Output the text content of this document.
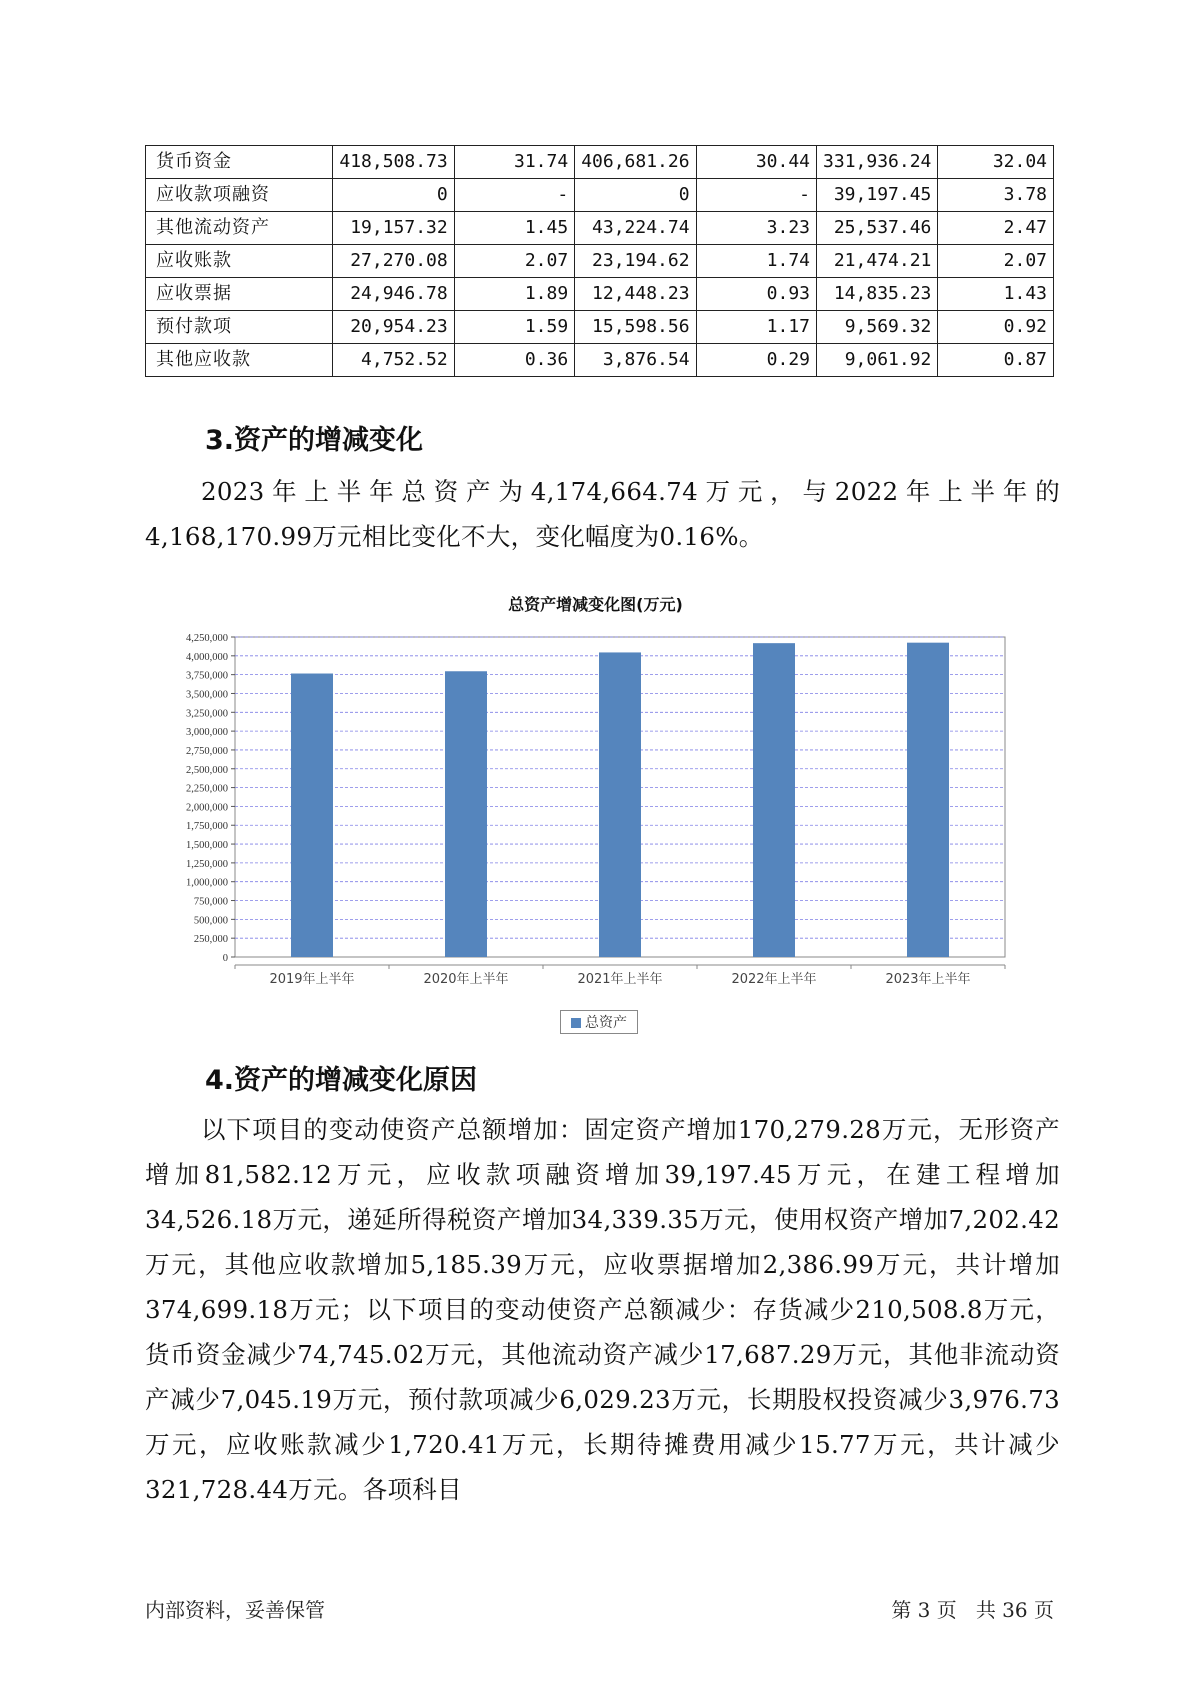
货币资金	418,508.73	31.74	406,681.26	30.44	331,936.24	32.04
应收款项融资	0	-	0	-	39,197.45	3.78
其他流动资产	19,157.32	1.45	43,224.74	3.23	25,537.46	2.47
应收账款	27,270.08	2.07	23,194.62	1.74	21,474.21	2.07
应收票据	24,946.78	1.89	12,448.23	0.93	14,835.23	1.43
预付款项	20,954.23	1.59	15,598.56	1.17	9,569.32	0.92
其他应收款	4,752.52	0.36	3,876.54	0.29	9,061.92	0.87
3.资产的增减变化

2023年上半年总资产为4,174,664.74万元，与2022年上半年的4,168,170.99万元相比变化不大，变化幅度为0.16%。

总资产增减变化图(万元)
0
250,000
500,000
750,000
1,000,000
1,250,000
1,500,000
1,750,000
2,000,000
2,250,000
2,500,000
2,750,000
3,000,000
3,250,000
3,500,000
3,750,000
4,000,000
4,250,000
2019年上半年	2020年上半年	2021年上半年	2022年上半年	2023年上半年
总资产
4.资产的增减变化原因

以下项目的变动使资产总额增加：固定资产增加170,279.28万元，无形资产增加81,582.12万元，应收款项融资增加39,197.45万元，在建工程增加34,526.18万元，递延所得税资产增加34,339.35万元，使用权资产增加7,202.42万元，其他应收款增加5,185.39万元，应收票据增加2,386.99万元，共计增加374,699.18万元；以下项目的变动使资产总额减少：存货减少210,508.8万元，货币资金减少74,745.02万元，其他流动资产减少17,687.29万元，其他非流动资产减少7,045.19万元，预付款项减少6,029.23万元，长期股权投资减少3,976.73万元，应收账款减少1,720.41万元，长期待摊费用减少15.77万元，共计减少321,728.44万元。各项科目

内部资料，妥善保管	第 3 页   共 36 页
